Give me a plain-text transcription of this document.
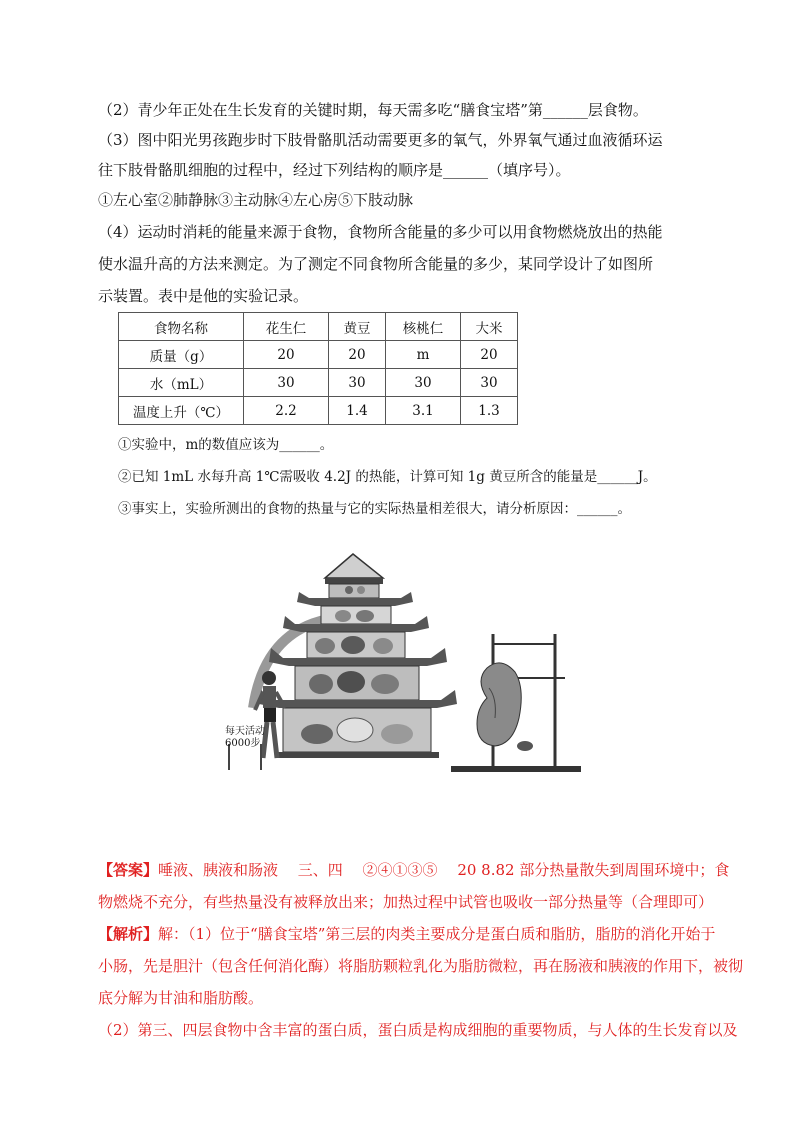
（2）青少年正处在生长发育的关键时期，每天需多吃“膳食宝塔”第______层食物。
（3）图中阳光男孩跑步时下肢骨骼肌活动需要更多的氧气，外界氧气通过血液循环运
往下肢骨骼肌细胞的过程中，经过下列结构的顺序是______（填序号）。
①左心室②肺静脉③主动脉④左心房⑤下肢动脉
（4）运动时消耗的能量来源于食物，食物所含能量的多少可以用食物燃烧放出的热能
使水温升高的方法来测定。为了测定不同食物所含能量的多少，某同学设计了如图所
示装置。表中是他的实验记录。
食物名称	花生仁	黄豆	核桃仁	大米
质量（g）	20	20	m	20
水（mL）	30	30	30	30
温度上升（℃）	2.2	1.4	3.1	1.3
①实验中，m的数值应该为______。
②已知 1mL 水每升高 1℃需吸收 4.2J 的热能，计算可知 1g 黄豆所含的能量是______J。
③事实上，实验所测出的食物的热量与它的实际热量相差很大，请分析原因：______。
每天活动
6000步
【答案】唾液、胰液和肠液　 三、四　 ②④①③⑤　 20 8.82 部分热量散失到周围环境中；食
物燃烧不充分，有些热量没有被释放出来；加热过程中试管也吸收一部分热量等（合理即可）
【解析】解：（1）位于“膳食宝塔”第三层的肉类主要成分是蛋白质和脂肪，脂肪的消化开始于
小肠，先是胆汁（包含任何消化酶）将脂肪颗粒乳化为脂肪微粒，再在肠液和胰液的作用下，被彻
底分解为甘油和脂肪酸。
（2）第三、四层食物中含丰富的蛋白质，蛋白质是构成细胞的重要物质，与人体的生长发育以及
